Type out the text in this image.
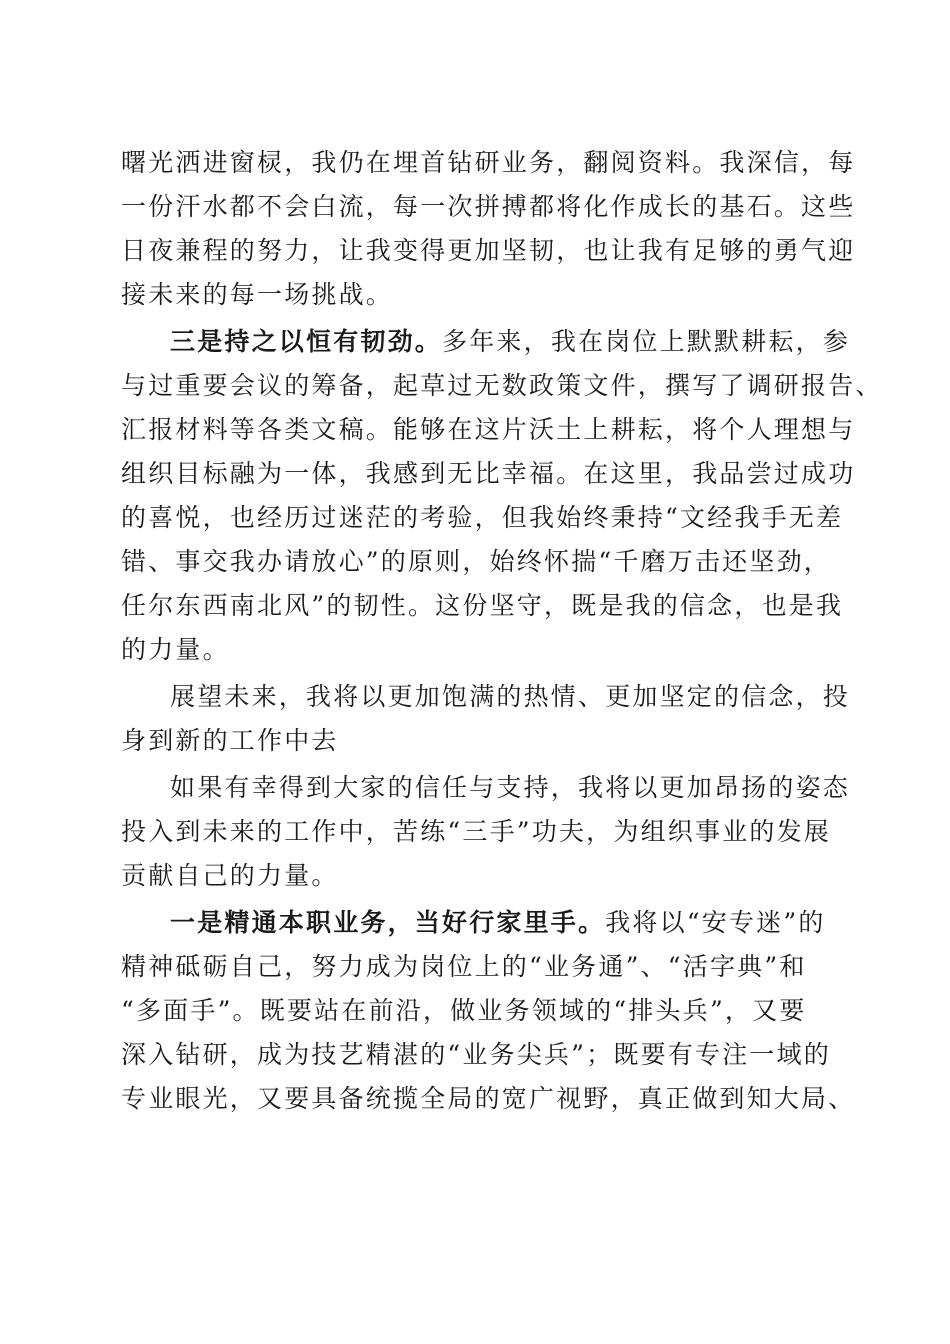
曙光洒进窗棂，我仍在埋首钻研业务，翻阅资料。我深信，每

一份汗水都不会白流，每一次拼搏都将化作成长的基石。这些

日夜兼程的努力，让我变得更加坚韧，也让我有足够的勇气迎

接未来的每一场挑战。

三是持之以恒有韧劲。多年来，我在岗位上默默耕耘，参

与过重要会议的筹备，起草过无数政策文件，撰写了调研报告、

汇报材料等各类文稿。能够在这片沃土上耕耘，将个人理想与

组织目标融为一体，我感到无比幸福。在这里，我品尝过成功

的喜悦，也经历过迷茫的考验，但我始终秉持“文经我手无差

错、事交我办请放心”的原则，始终怀揣“千磨万击还坚劲，

任尔东西南北风”的韧性。这份坚守，既是我的信念，也是我

的力量。

展望未来，我将以更加饱满的热情、更加坚定的信念，投

身到新的工作中去

如果有幸得到大家的信任与支持，我将以更加昂扬的姿态

投入到未来的工作中，苦练“三手”功夫，为组织事业的发展

贡献自己的力量。

一是精通本职业务，当好行家里手。我将以“安专迷”的

精神砥砺自己，努力成为岗位上的“业务通”、“活字典”和

“多面手”。既要站在前沿，做业务领域的“排头兵”，又要

深入钻研，成为技艺精湛的“业务尖兵”；既要有专注一域的

专业眼光，又要具备统揽全局的宽广视野，真正做到知大局、
